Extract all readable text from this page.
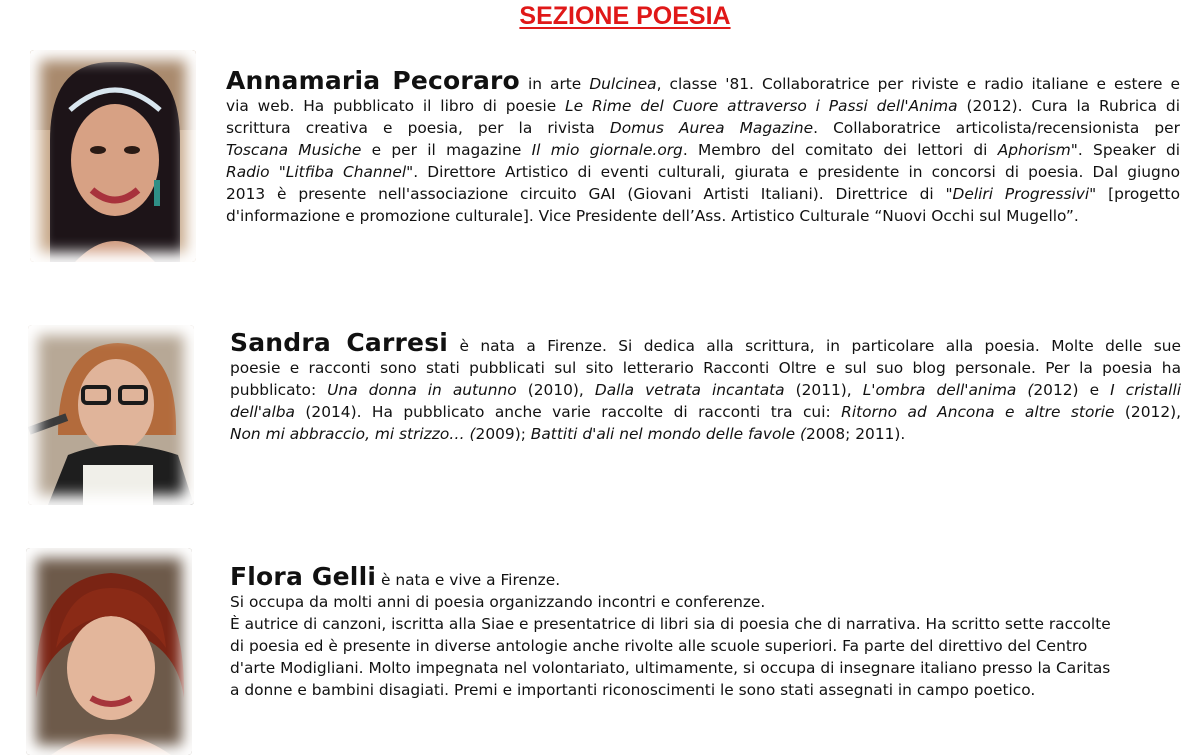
SEZIONE POESIA
Annamaria Pecoraro in arte Dulcinea, classe '81. Collaboratrice per riviste e radio italiane e estere e
via web. Ha pubblicato il libro di poesie Le Rime del Cuore attraverso i Passi dell'Anima (2012). Cura la Rubrica di
scrittura creativa e poesia, per la rivista Domus Aurea Magazine. Collaboratrice articolista/recensionista per
Toscana Musiche e per il magazine Il mio giornale.org. Membro del comitato dei lettori di Aphorism". Speaker di
Radio "Litfiba Channel". Direttore Artistico di eventi culturali, giurata e presidente in concorsi di poesia. Dal giugno
2013 è presente nell'associazione circuito GAI (Giovani Artisti Italiani). Direttrice di "Deliri Progressivi" [progetto
d'informazione e promozione culturale]. Vice Presidente dell’Ass. Artistico Culturale “Nuovi Occhi sul Mugello”.
Sandra Carresi è nata a Firenze. Si dedica alla scrittura, in particolare alla poesia. Molte delle sue
poesie e racconti sono stati pubblicati sul sito letterario Racconti Oltre e sul suo blog personale. Per la poesia ha
pubblicato: Una donna in autunno (2010), Dalla vetrata incantata (2011), L'ombra dell'anima (2012) e I cristalli
dell'alba (2014). Ha pubblicato anche varie raccolte di racconti tra cui: Ritorno ad Ancona e altre storie (2012),
Non mi abbraccio, mi strizzo… (2009); Battiti d'ali nel mondo delle favole (2008; 2011).
Flora Gelli è nata e vive a Firenze.
Si occupa da molti anni di poesia organizzando incontri e conferenze.
È autrice di canzoni, iscritta alla Siae e presentatrice di libri sia di poesia che di narrativa. Ha scritto sette raccolte
di poesia ed è presente in diverse antologie anche rivolte alle scuole superiori. Fa parte del direttivo del Centro
d'arte Modigliani. Molto impegnata nel volontariato, ultimamente, si occupa di insegnare italiano presso la Caritas
a donne e bambini disagiati. Premi e importanti riconoscimenti le sono stati assegnati in campo poetico.
